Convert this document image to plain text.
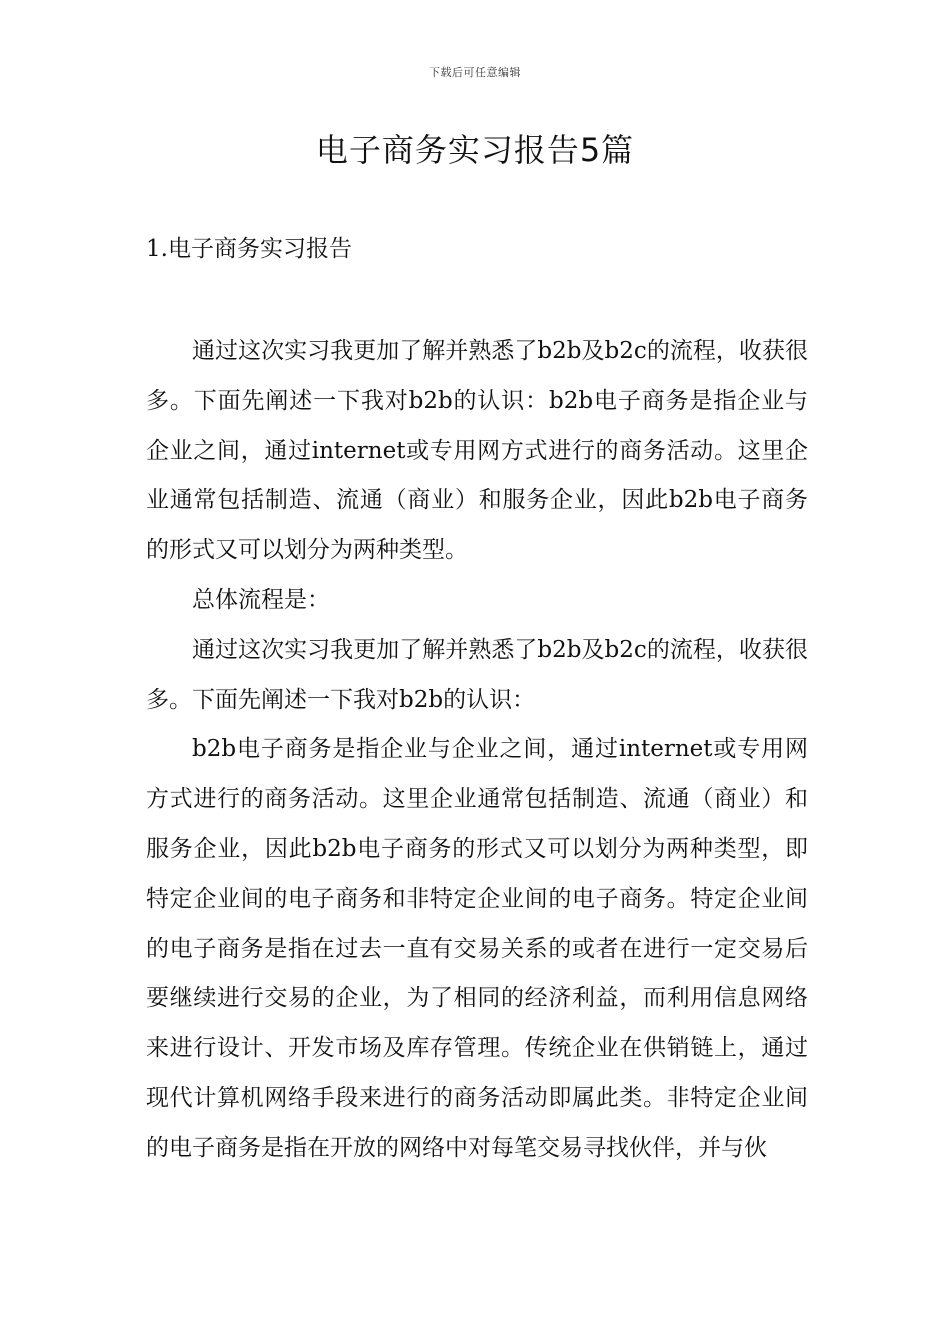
下载后可任意编辑
电子商务实习报告5篇
1.电子商务实习报告

通过这次实习我更加了解并熟悉了b2b及b2c的流程，收获很多。下面先阐述一下我对b2b的认识：b2b电子商务是指企业与企业之间，通过internet或专用网方式进行的商务活动。这里企业通常包括制造、流通（商业）和服务企业，因此b2b电子商务的形式又可以划分为两种类型。

总体流程是：

通过这次实习我更加了解并熟悉了b2b及b2c的流程，收获很多。下面先阐述一下我对b2b的认识：

b2b电子商务是指企业与企业之间，通过internet或专用网方式进行的商务活动。这里企业通常包括制造、流通（商业）和服务企业，因此b2b电子商务的形式又可以划分为两种类型，即特定企业间的电子商务和非特定企业间的电子商务。特定企业间的电子商务是指在过去一直有交易关系的或者在进行一定交易后要继续进行交易的企业，为了相同的经济利益，而利用信息网络来进行设计、开发市场及库存管理。传统企业在供销链上，通过现代计算机网络手段来进行的商务活动即属此类。非特定企业间的电子商务是指在开放的网络中对每笔交易寻找伙伴，并与伙
